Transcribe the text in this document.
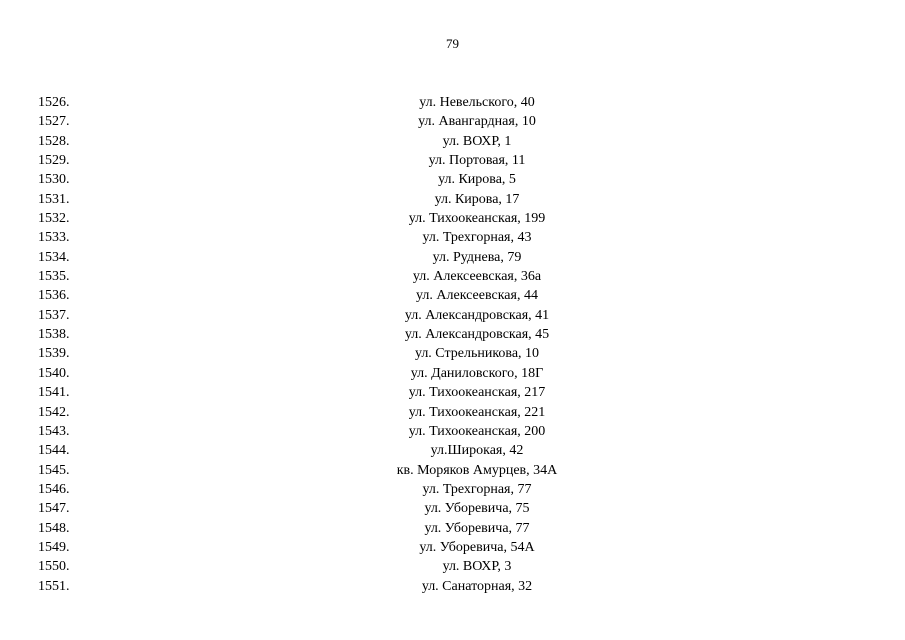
79
1526.	ул. Невельского, 40
1527.	ул. Авангардная, 10
1528.	ул. ВОХР, 1
1529.	ул. Портовая, 11
1530.	ул. Кирова, 5
1531.	ул. Кирова, 17
1532.	ул. Тихоокеанская, 199
1533.	ул. Трехгорная, 43
1534.	ул. Руднева, 79
1535.	ул. Алексеевская, 36а
1536.	ул. Алексеевская, 44
1537.	ул. Александровская, 41
1538.	ул. Александровская, 45
1539.	ул. Стрельникова, 10
1540.	ул. Даниловского, 18Г
1541.	ул. Тихоокеанская, 217
1542.	ул. Тихоокеанская, 221
1543.	ул. Тихоокеанская, 200
1544.	ул.Широкая, 42
1545.	кв. Моряков Амурцев, 34А
1546.	ул. Трехгорная, 77
1547.	ул. Уборевича, 75
1548.	ул. Уборевича, 77
1549.	ул. Уборевича, 54А
1550.	ул. ВОХР, 3
1551.	ул. Санаторная, 32
